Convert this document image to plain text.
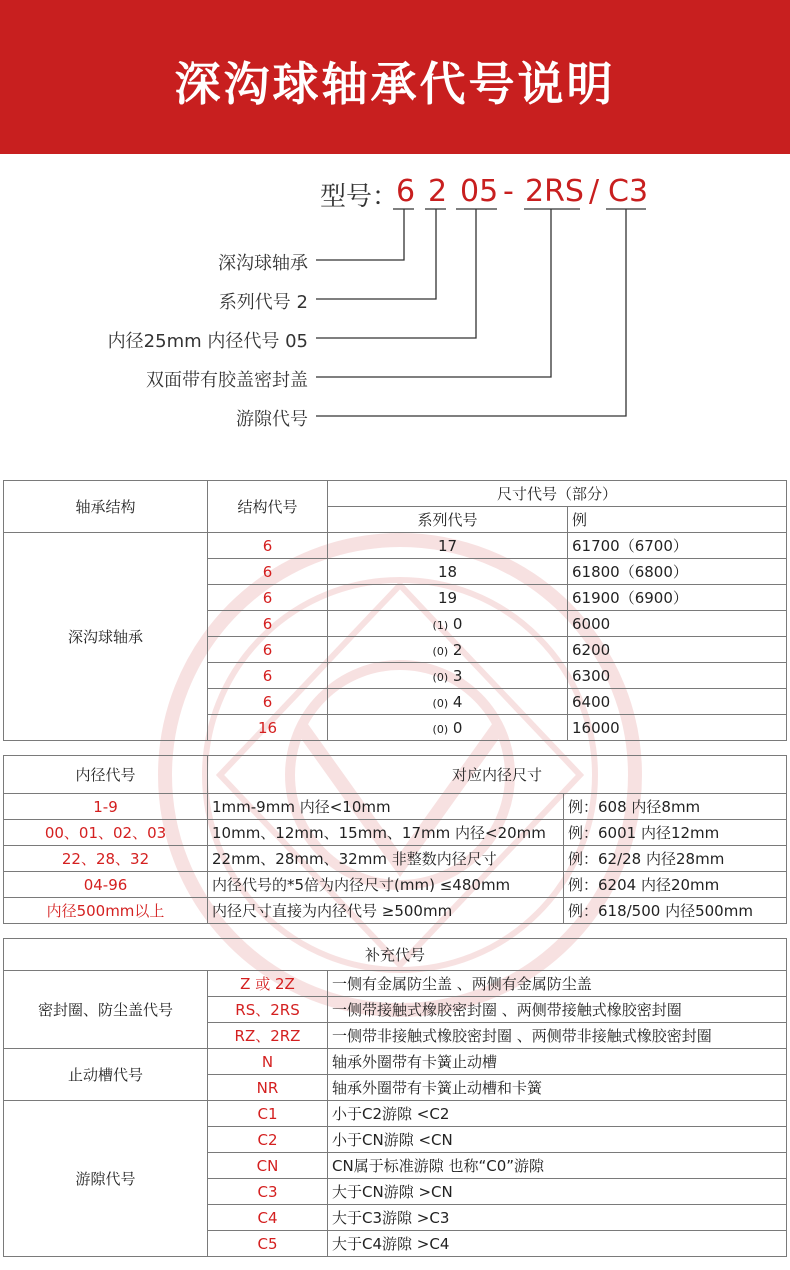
深沟球轴承代号说明
型号：
6 2 05 - 2RS / C3
深沟球轴承
系列代号 2
内径25mm 内径代号 05
双面带有胶盖密封盖
游隙代号
轴承结构	结构代号	尺寸代号（部分）	
		系列代号	例
深沟球轴承	6	17	61700（6700）
	6	18	61800（6800）
	6	19	61900（6900）
	6	(1) 0	6000
	6	(0) 2	6200
	6	(0) 3	6300
	6	(0) 4	6400
	16	(0) 0	16000
内径代号	对应内径尺寸	
1-9	1mm-9mm 内径<10mm	例：608 内径8mm
00、01、02、03	10mm、12mm、15mm、17mm 内径<20mm	例：6001 内径12mm
22、28、32	22mm、28mm、32mm 非整数内径尺寸	例：62/28 内径28mm
04-96	内径代号的*5倍为内径尺寸(mm) ≤480mm	例：6204 内径20mm
内径500mm以上	内径尺寸直接为内径代号 ≥500mm	例：618/500 内径500mm
补充代号		
密封圈、防尘盖代号	Z 或 2Z	一侧有金属防尘盖 、两侧有金属防尘盖
	RS、2RS	一侧带接触式橡胶密封圈 、两侧带接触式橡胶密封圈
	RZ、2RZ	一侧带非接触式橡胶密封圈 、两侧带非接触式橡胶密封圈
止动槽代号	N	轴承外圈带有卡簧止动槽
	NR	轴承外圈带有卡簧止动槽和卡簧
游隙代号	C1	小于C2游隙 <C2
	C2	小于CN游隙 <CN
	CN	CN属于标准游隙 也称“C0”游隙
	C3	大于CN游隙 >CN
	C4	大于C3游隙 >C3
	C5	大于C4游隙 >C4
